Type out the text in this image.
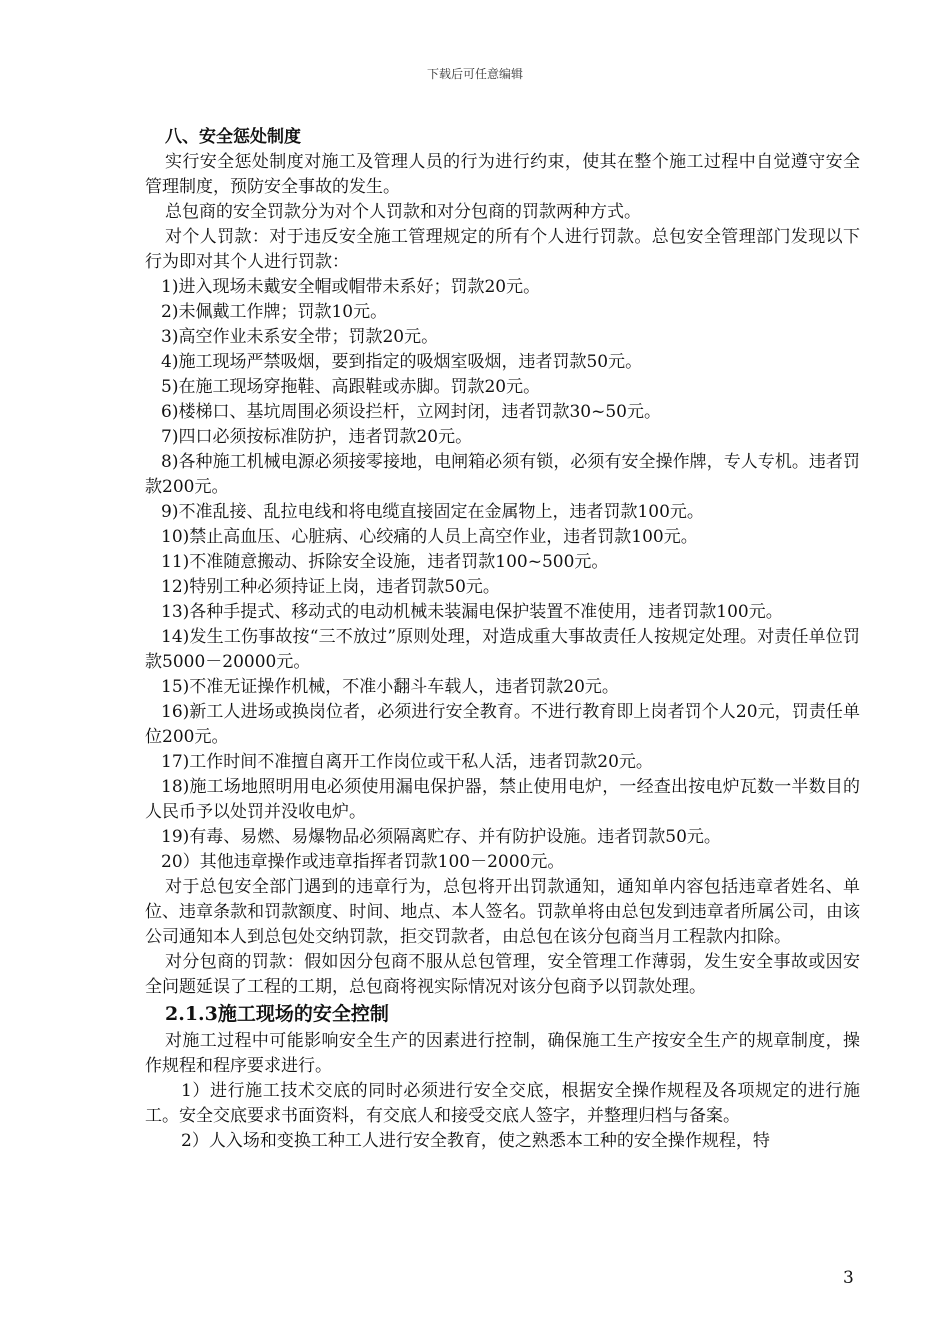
下载后可任意编辑

八、安全惩处制度

实行安全惩处制度对施工及管理人员的行为进行约束，使其在整个施工过程中自觉遵守安全管理制度，预防安全事故的发生。

总包商的安全罚款分为对个人罚款和对分包商的罚款两种方式。

对个人罚款：对于违反安全施工管理规定的所有个人进行罚款。总包安全管理部门发现以下行为即对其个人进行罚款：

1)进入现场未戴安全帽或帽带未系好；罚款20元。

2)未佩戴工作牌；罚款10元。

3)高空作业未系安全带；罚款20元。

4)施工现场严禁吸烟，要到指定的吸烟室吸烟，违者罚款50元。

5)在施工现场穿拖鞋、高跟鞋或赤脚。罚款20元。

6)楼梯口、基坑周围必须设拦杆，立网封闭，违者罚款30~50元。

7)四口必须按标准防护，违者罚款20元。

8)各种施工机械电源必须接零接地，电闸箱必须有锁，必须有安全操作牌，专人专机。违者罚款200元。

9)不准乱接、乱拉电线和将电缆直接固定在金属物上，违者罚款100元。

10)禁止高血压、心脏病、心绞痛的人员上高空作业，违者罚款100元。

11)不准随意搬动、拆除安全设施，违者罚款100~500元。

12)特别工种必须持证上岗，违者罚款50元。

13)各种手提式、移动式的电动机械未装漏电保护装置不准使用，违者罚款100元。

14)发生工伤事故按“三不放过”原则处理，对造成重大事故责任人按规定处理。对责任单位罚款5000－20000元。

15)不准无证操作机械，不准小翻斗车载人，违者罚款20元。

16)新工人进场或换岗位者，必须进行安全教育。不进行教育即上岗者罚个人20元，罚责任单位200元。

17)工作时间不准擅自离开工作岗位或干私人活，违者罚款20元。

18)施工场地照明用电必须使用漏电保护器，禁止使用电炉，一经查出按电炉瓦数一半数目的人民币予以处罚并没收电炉。

19)有毒、易燃、易爆物品必须隔离贮存、并有防护设施。违者罚款50元。

20）其他违章操作或违章指挥者罚款100－2000元。

对于总包安全部门遇到的违章行为，总包将开出罚款通知，通知单内容包括违章者姓名、单位、违章条款和罚款额度、时间、地点、本人签名。罚款单将由总包发到违章者所属公司，由该公司通知本人到总包处交纳罚款，拒交罚款者，由总包在该分包商当月工程款内扣除。

对分包商的罚款：假如因分包商不服从总包管理，安全管理工作薄弱，发生安全事故或因安全问题延误了工程的工期，总包商将视实际情况对该分包商予以罚款处理。

2.1.3施工现场的安全控制

对施工过程中可能影响安全生产的因素进行控制，确保施工生产按安全生产的规章制度，操作规程和程序要求进行。

1）进行施工技术交底的同时必须进行安全交底，根据安全操作规程及各项规定的进行施工。安全交底要求书面资料，有交底人和接受交底人签字，并整理归档与备案。

2）人入场和变换工种工人进行安全教育，使之熟悉本工种的安全操作规程，特

3
